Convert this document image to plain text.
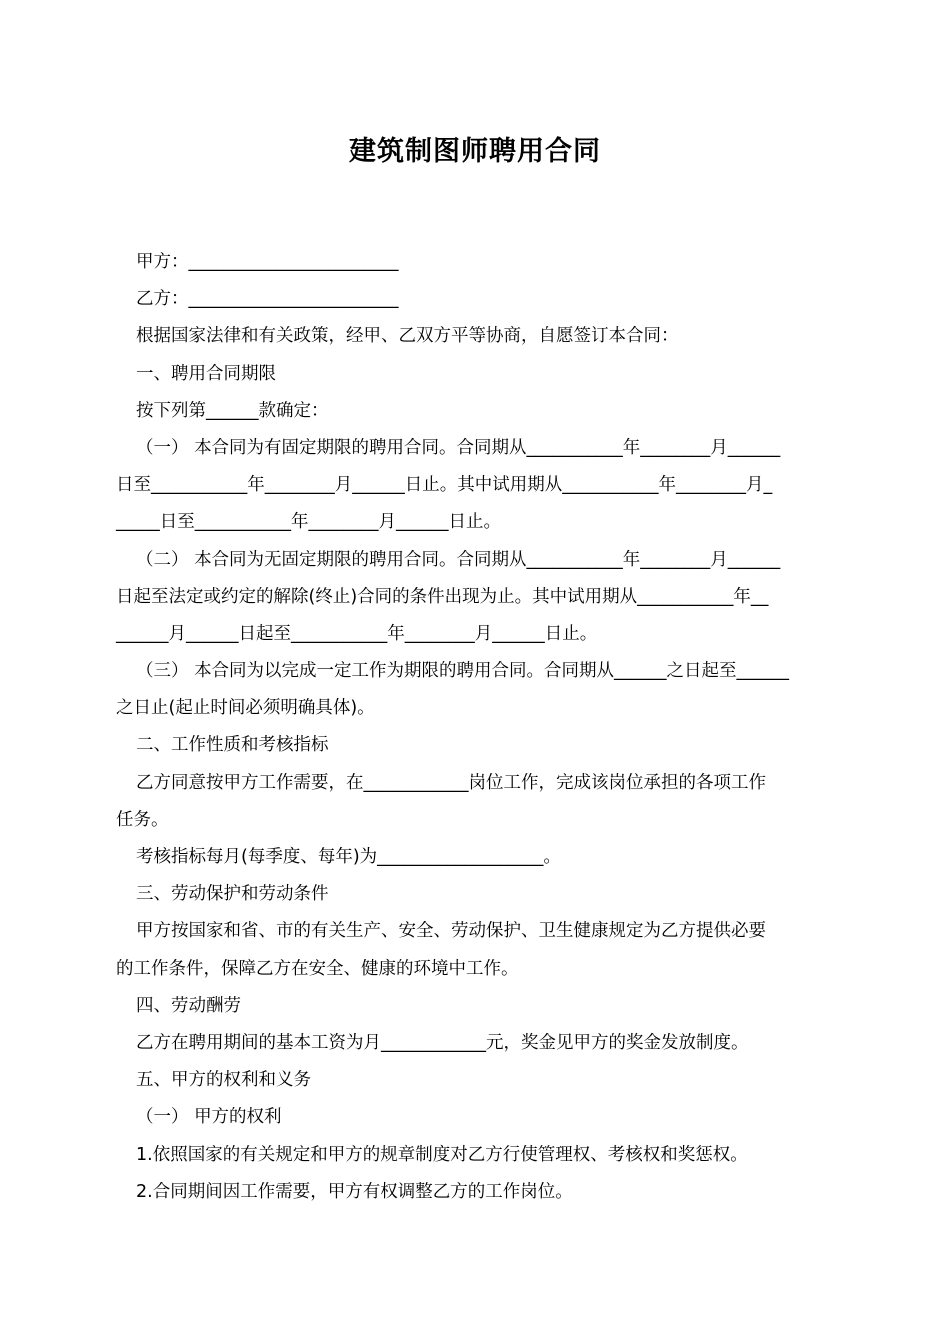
建筑制图师聘用合同
甲方：________________________
乙方：________________________
根据国家法律和有关政策，经甲、乙双方平等协商，自愿签订本合同：
一、聘用合同期限
按下列第______款确定：
（一） 本合同为有固定期限的聘用合同。合同期从___________年________月______
日至___________年________月______日止。其中试用期从___________年________月_
_____日至___________年________月______日止。
（二） 本合同为无固定期限的聘用合同。合同期从___________年________月______
日起至法定或约定的解除(终止)合同的条件出现为止。其中试用期从___________年__
______月______日起至___________年________月______日止。
（三） 本合同为以完成一定工作为期限的聘用合同。合同期从______之日起至______
之日止(起止时间必须明确具体)。
二、工作性质和考核指标
乙方同意按甲方工作需要，在____________岗位工作，完成该岗位承担的各项工作
任务。
考核指标每月(每季度、每年)为___________________。
三、劳动保护和劳动条件
甲方按国家和省、市的有关生产、安全、劳动保护、卫生健康规定为乙方提供必要
的工作条件，保障乙方在安全、健康的环境中工作。
四、劳动酬劳
乙方在聘用期间的基本工资为月____________元，奖金见甲方的奖金发放制度。
五、甲方的权利和义务
（一） 甲方的权利
1.依照国家的有关规定和甲方的规章制度对乙方行使管理权、考核权和奖惩权。
2.合同期间因工作需要，甲方有权调整乙方的工作岗位。
